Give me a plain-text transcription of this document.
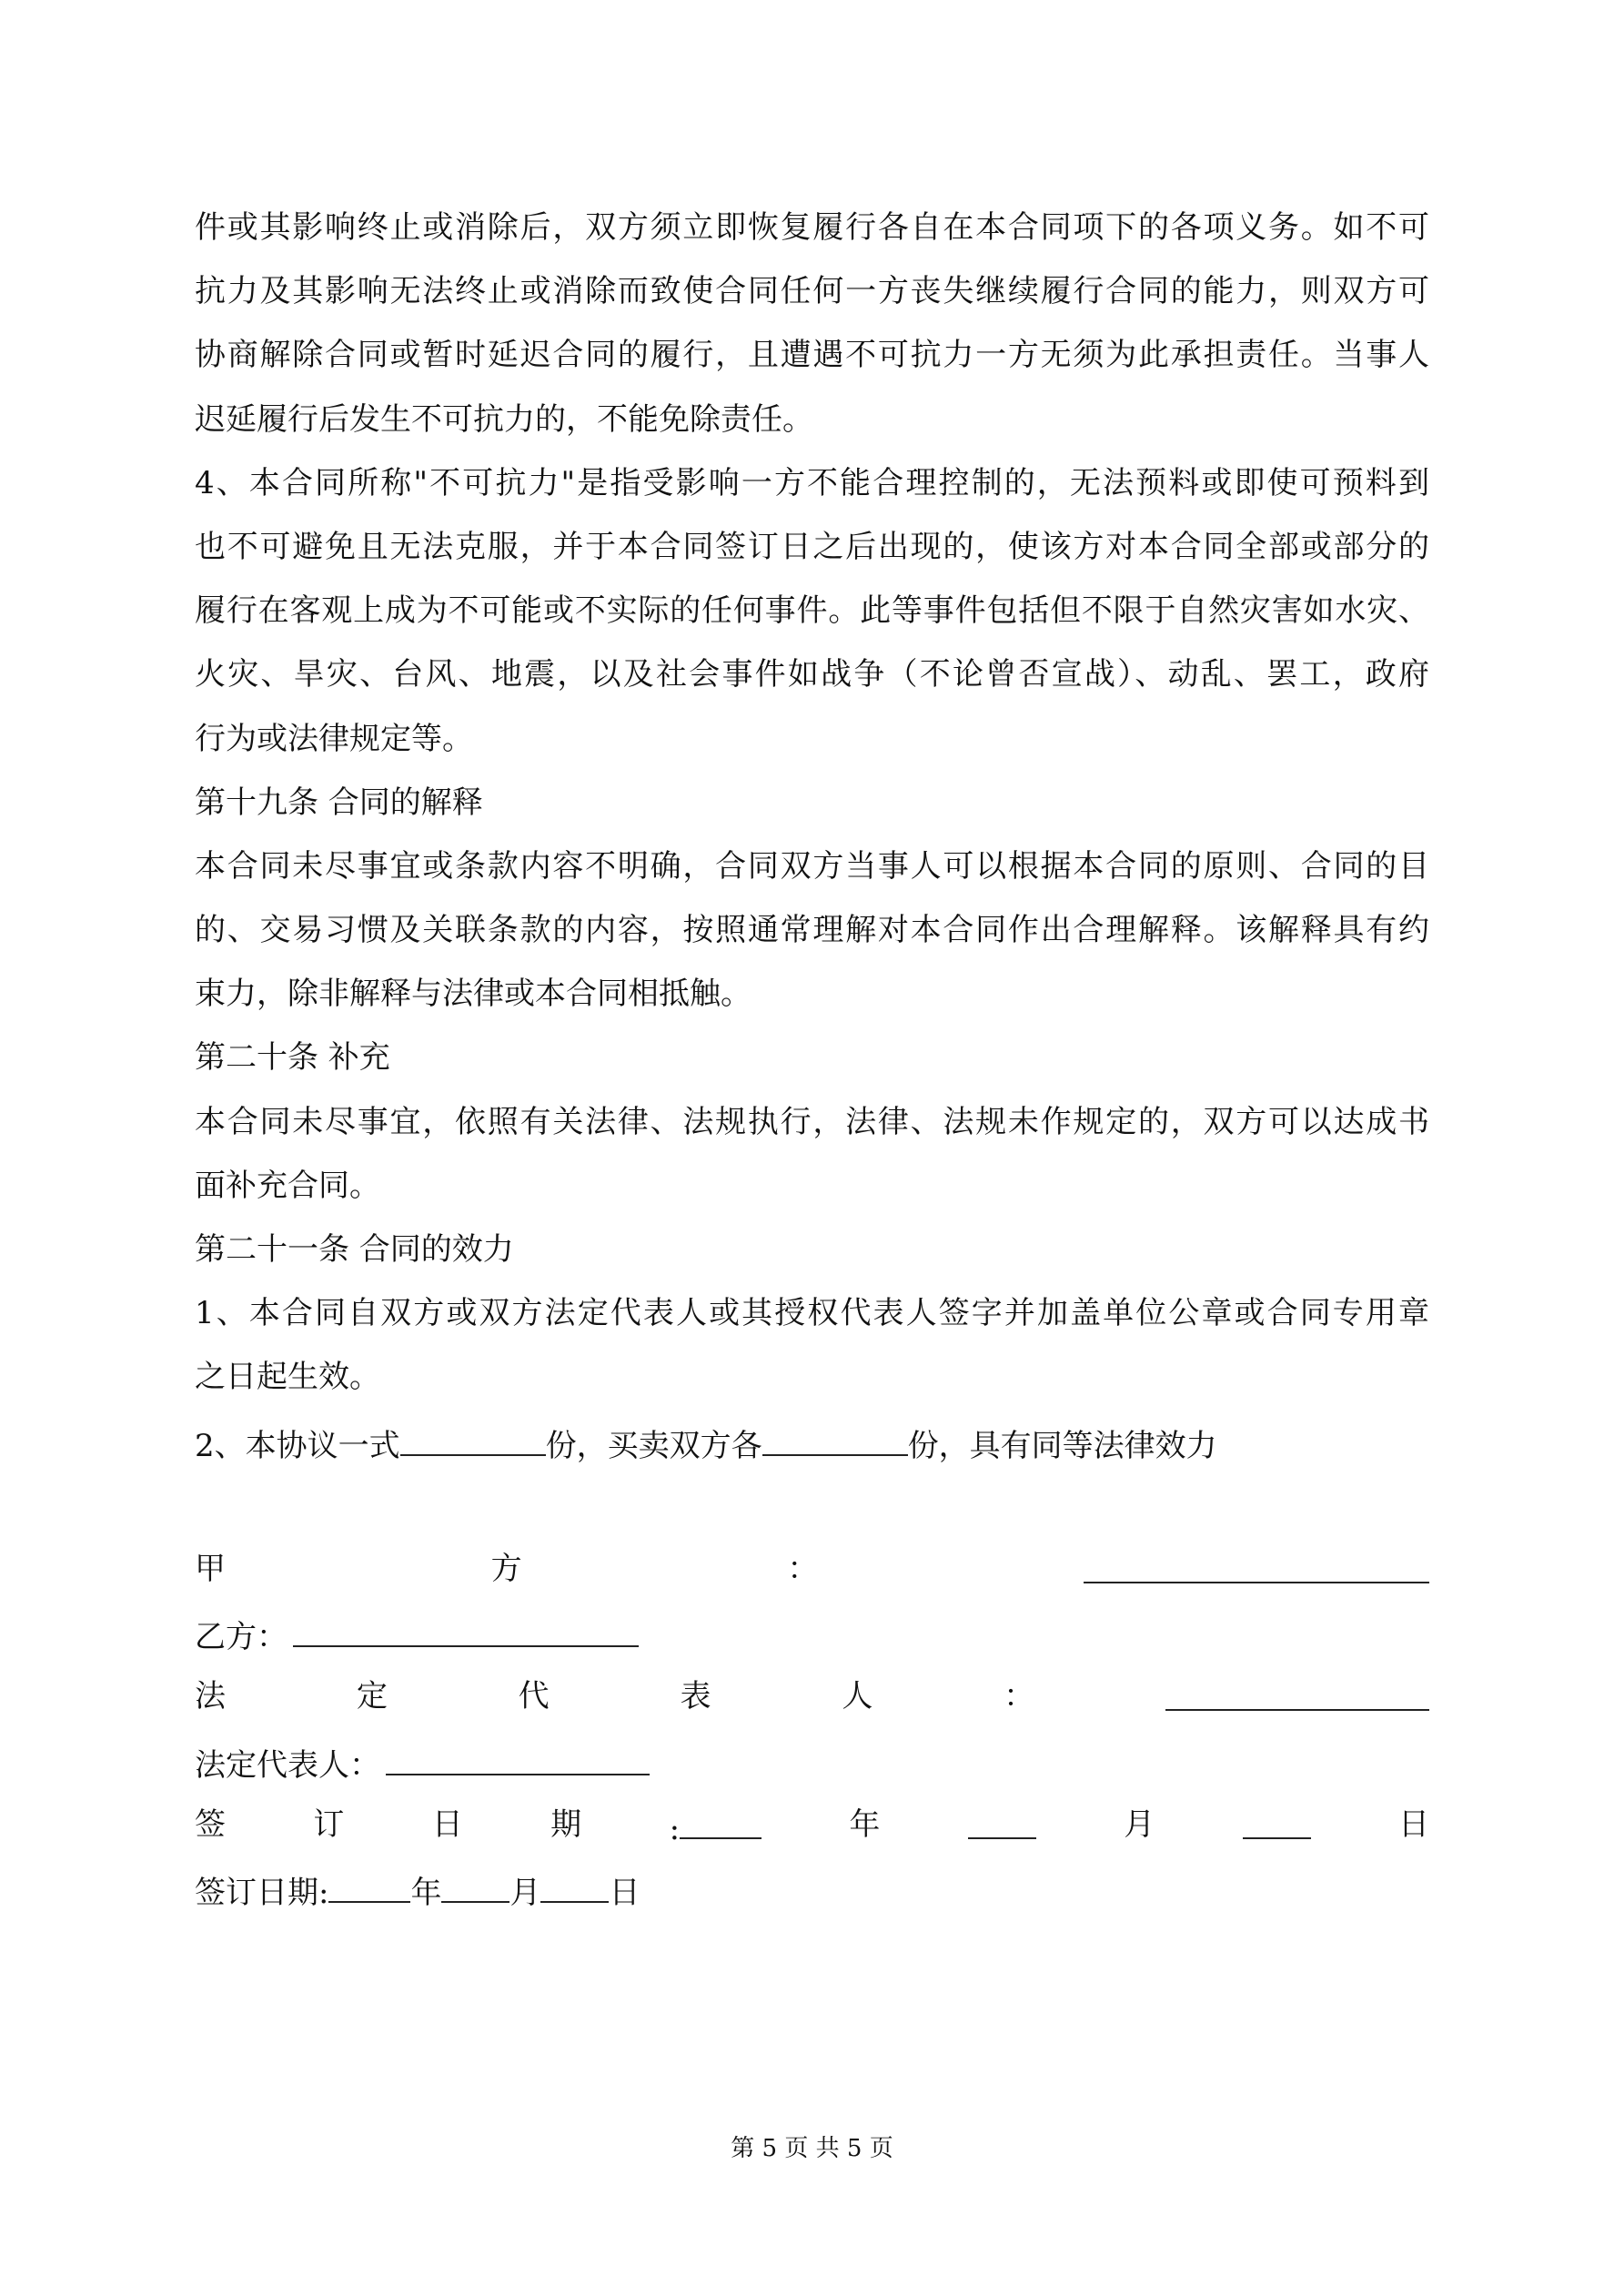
件或其影响终止或消除后，双方须立即恢复履行各自在本合同项下的各项义务。如不可
抗力及其影响无法终止或消除而致使合同任何一方丧失继续履行合同的能力，则双方可
协商解除合同或暂时延迟合同的履行，且遭遇不可抗力一方无须为此承担责任。当事人
迟延履行后发生不可抗力的，不能免除责任。
4、本合同所称"不可抗力"是指受影响一方不能合理控制的，无法预料或即使可预料到
也不可避免且无法克服，并于本合同签订日之后出现的，使该方对本合同全部或部分的
履行在客观上成为不可能或不实际的任何事件。此等事件包括但不限于自然灾害如水灾、
火灾、旱灾、台风、地震，以及社会事件如战争（不论曾否宣战）、动乱、罢工，政府
行为或法律规定等。
第十九条 合同的解释
本合同未尽事宜或条款内容不明确，合同双方当事人可以根据本合同的原则、合同的目
的、交易习惯及关联条款的内容，按照通常理解对本合同作出合理解释。该解释具有约
束力，除非解释与法律或本合同相抵触。
第二十条 补充
本合同未尽事宜，依照有关法律、法规执行，法律、法规未作规定的，双方可以达成书
面补充合同。
第二十一条 合同的效力
1、本合同自双方或双方法定代表人或其授权代表人签字并加盖单位公章或合同专用章
之日起生效。
2、本协议一式	份，买卖双方各	份，具有同等法律效力
甲	方	：
乙方：
法	定	代	表	人	：
法定代表人：
签	订	日	期	:	年	月	日
签订日期:	年 月 日
第 5 页 共 5 页
